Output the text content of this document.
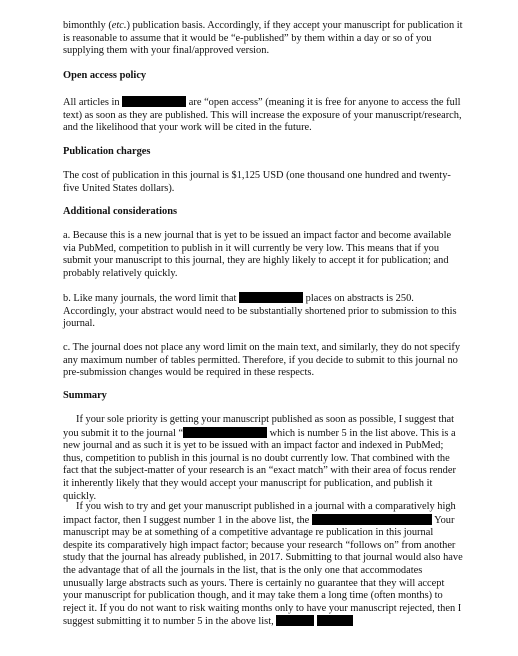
bimonthly (etc.) publication basis. Accordingly, if they accept your manuscript for publication it is reasonable to assume that it would be “e-published” by them within a day or so of you supplying them with your final/approved version.

Open access policy

All articles in	are “open access” (meaning it is free for anyone to access the full text) as soon as they are published. This will increase the exposure of your manuscript/research, and the likelihood that your work will be cited in the future.

Publication charges

The cost of publication in this journal is $1,125 USD (one thousand one hundred and twenty-five United States dollars).

Additional considerations

a. Because this is a new journal that is yet to be issued an impact factor and become available via PubMed, competition to publish in it will currently be very low. This means that if you submit your manuscript to this journal, they are highly likely to accept it for publication; and probably relatively quickly.

b. Like many journals, the word limit that	places on abstracts is 250. Accordingly, your abstract would need to be substantially shortened prior to submission to this journal.

c. The journal does not place any word limit on the main text, and similarly, they do not specify any maximum number of tables permitted. Therefore, if you decide to submit to this journal no pre-submission changes would be required in these respects.

Summary

If your sole priority is getting your manuscript published as soon as possible, I suggest that you submit it to the journal “	which is number 5 in the list above. This is a new journal and as such it is yet to be issued with an impact factor and indexed in PubMed; thus, competition to publish in this journal is no doubt currently low. That combined with the fact that the subject-matter of your research is an “exact match” with their area of focus render it inherently likely that they would accept your manuscript for publication, and publish it quickly.

If you wish to try and get your manuscript published in a journal with a comparatively high impact factor, then I suggest number 1 in the above list, the	Your manuscript may be at something of a competitive advantage re publication in this journal despite its comparatively high impact factor; because your research “follows on” from another study that the journal has already published, in 2017. Submitting to that journal would also have the advantage that of all the journals in the list, that is the only one that accommodates unusually large abstracts such as yours. There is certainly no guarantee that they will accept your manuscript for publication though, and it may take them a long time (often months) to reject it. If you do not want to risk waiting months only to have your manuscript rejected, then I suggest submitting it to number 5 in the above list,
